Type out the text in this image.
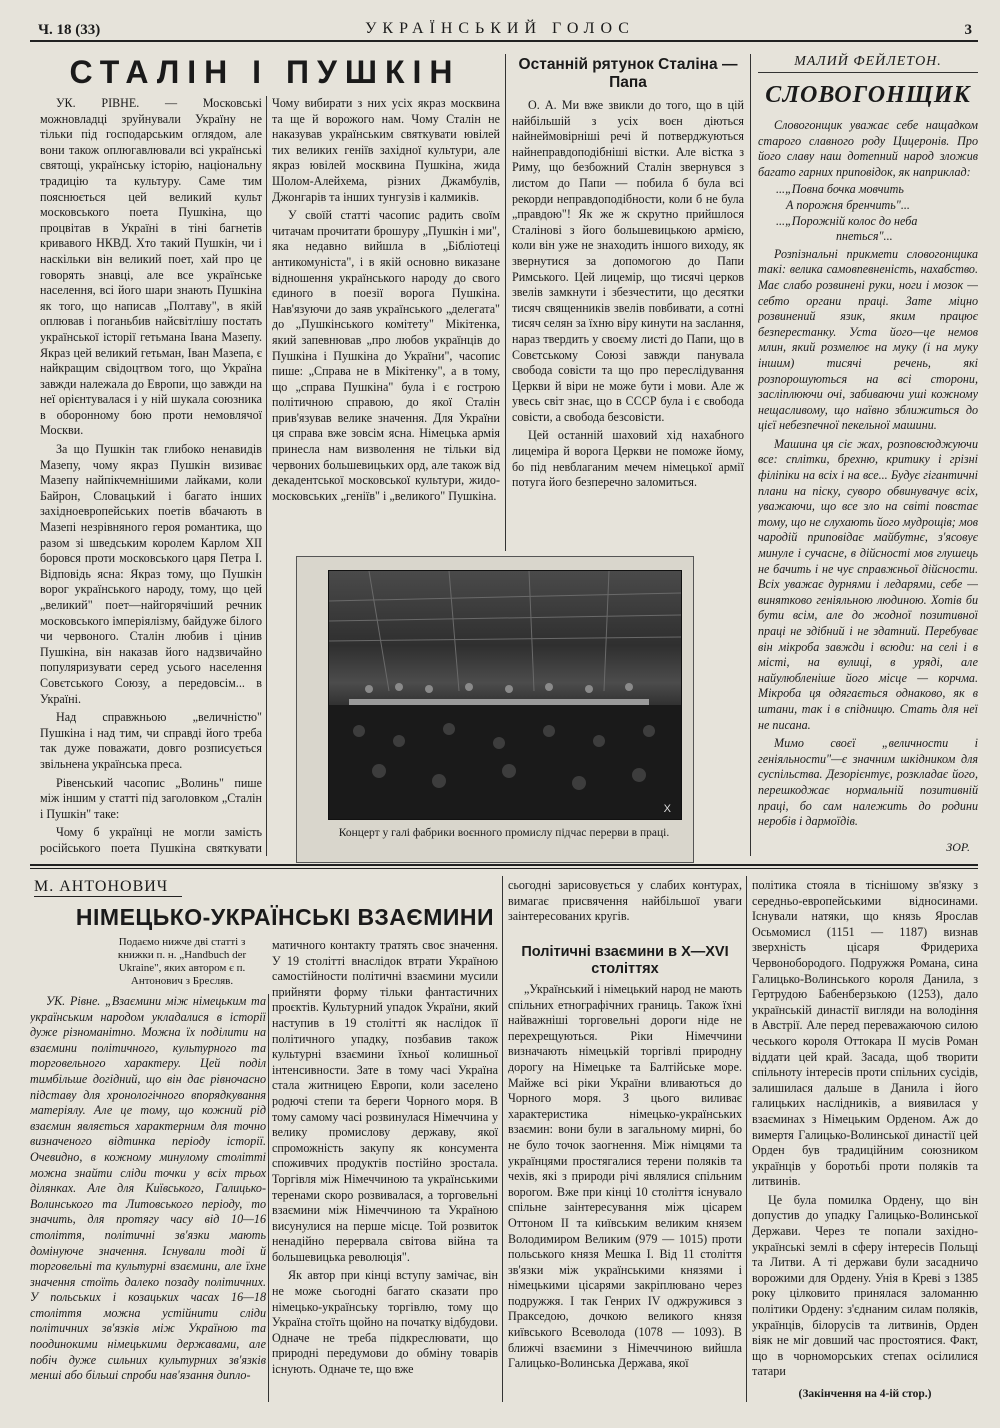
Ч. 18 (33)	УКРАЇНСЬКИЙ ГОЛОС	3
СТАЛІН І ПУШКІН

УК. РІВНЕ. — Московські можновладці зруйнували Україну не тільки під господарським оглядом, але вони також оплюгавлювали всі українські святощі, українську історію, національну традицію та культуру. Саме тим пояснюється цей великий культ московського поета Пушкіна, що процвітав в Україні в тіні багнетів кривавого НКВД. Хто такий Пушкін, чи і наскільки він великий поет, хай про це говорять знавці, але все українське населення, всі його шари знають Пушкіна як того, що написав „Полтаву", в якій оплював і поганьбив найсвітлішу постать української історії гетьмана Івана Мазепу. Якраз цей великий гетьман, Іван Мазепа, є найкращим свідоцтвом того, що Україна завжди належала до Европи, що завжди на неї орієнтувалася і у ній шукала союзника в оборонному бою проти немовлячої Москви.

За що Пушкін так глибоко ненавидів Мазепу, чому якраз Пушкін визиває Мазепу найпікчемнішими лайками, коли Байрон, Словацький і багато інших західноевропейських поетів вбачають в Мазепі незрівняного героя романтика, що разом зі шведським королем Карлом XII боровся проти московського царя Петра І. Відповідь ясна: Якраз тому, що Пушкін ворог українського народу, тому, що цей „великий" поет—найгорячіший речник московського імперіялізму, байдуже білого чи червоного. Сталін любив і цінив Пушкіна, він наказав його надзвичайно популяризувати серед усього населення Совєтського Союзу, а передовсім... в Україні.

Над справжньою „величністю" Пушкіна і над тим, чи справді його треба так дуже поважати, довго розписується звільнена українська преса.

Рівенський часопис „Волинь" пише між іншим у статті під заголовком „Сталін і Пушкін" таке:

Чому б українці не могли замість російського поета Пушкіна святкувати

Чому вибирати з них усіх якраз москвина та ще й ворожого нам. Чому Сталін не наказував українським святкувати ювілей тих великих геніїв західної культури, але якраз ювілей москвина Пушкіна, жида Шолом-Алейхема, різних Джамбулів, Джонгарів та інших тунгузів і калмиків.

У своїй статті часопис радить своїм читачам прочитати брошуру „Пушкін і ми", яка недавно вийшла в „Бібліотеці антикомуніста", і в якій основно виказане відношення українського народу до свого єдиного в поезії ворога Пушкіна. Нав'язуючи до заяв українського „делегата" до „Пушкінського комітету" Мікітенка, який запевнював „про любов українців до Пушкіна і Пушкіна до України", часопис пише: „Справа не в Мікітенку", а в тому, що „справа Пушкіна" була і є гострою політичною справою, до якої Сталін прив'язував велике значення. Для України ця справа вже зовсім ясна. Німецька армія принесла нам визволення не тільки від червоних большевицьких орд, але також від декадентської московської культури, жидо-московських „геніїв" і „великого" Пушкіна.

Останній рятунок Сталіна — Папа

О. А. Ми вже звикли до того, що в цій найбільшій з усіх воєн діються найнеймовірніші речі й потверджуються найнеправдоподібніші вістки. Але вістка з Риму, що безбожний Сталін звернувся з листом до Папи — побила б була всі рекорди неправдоподібности, коли б не була „правдою"! Як же ж скрутно прийшлося Сталінові з його большевицькою армією, коли він уже не знаходить іншого виходу, як звернутися за допомогою до Папи Римського. Цей лицемір, що тисячі церков звелів замкнути і збезчестити, що десятки тисяч священників звелів повбивати, а сотні тисяч селян за їхню віру кинути на заслання, нараз твердить у своєму листі до Папи, що в Совєтському Союзі завжди панувала свобода совісти та що про переслідування Церкви й віри не може бути і мови. Але ж увесь світ знає, що в СССР була і є свобода совісти, а свобода безсовісти.

Цей останній шаховий хід нахабного лицеміра й ворога Церкви не поможе йому, бо під невблаганим мечем німецької армії потуга його безперечно заломиться.

МАЛИЙ ФЕЙЛЕТОН.
СЛОВОГОНЩИК

Словогонщик уважає себе нащадком старого славного роду Цицеронів. Про його славу наш дотепний народ зложив багато гарних приповідок, як наприклад:

...„Повна бочка мовчить
А порожня бренчить"...
...„Порожній колос до неба
пнеться"...

Розпізнальні прикмети словогонщика такі: велика самовпевненість, нахабство. Має слабо розвинені руки, ноги і мозок — себто органи праці. Зате міцно розвинений язик, яким працює безперестанку. Уста його—це немов млин, який розмелює на муку (і на муку іншим) тисячі речень, які розпорошуються на всі сторони, засліплюючи очі, забиваючи уші кожному нещасливому, що наївно зближиться до цієї небезпечної пекельної машини.

Машина ця сіє жах, розповсюджуючи все: сплітки, брехню, критику і грізні філіпіки на всіх і на все... Будує гігантичні плани на піску, суворо обвинувачує всіх, уважаючи, що все зло на світі повстає тому, що не слухають його мудрощів; мов чародій приповідає майбутнє, з'ясовує минуле і сучасне, в дійсності мов глушець не бачить і не чує справжньої дійсности. Всіх уважає дурнями і ледарями, себе — винятково геніяльною людиною. Хотів би бути всім, але до жодної позитивної праці не здібний і не здатний. Перебуває він мікроба завжди і всюди: на селі і в місті, на вулиці, в уряді, але найулюбленіше його місце — корчма. Мікроба ця одягається однаково, як в штани, так і в спідницю. Стать для неї не писана.

Мимо своєї „величности і геніяльности"—є значним шкідником для суспільства. Дезорієнтує, розкладає його, перешкоджає нормальній позитивній праці, бо сам належить до родини неробів і дармоїдів.

ЗОР.
X
Концерт у галі фабрики воєнного промислу підчас перерви в праці.
М. АНТОНОВИЧ
НІМЕЦЬКО-УКРАЇНСЬКІ ВЗАЄМИНИ
Подаємо нижче дві статті з книжки п. н. „Handbuch der Ukraine", яких автором є п. Антонович з Бресляв.

УК. Рівне. „Взаємини між німецьким та українським народом укладалися в історії дуже різноманітно. Можна їх поділити на взаємини політичного, культурного та торговельного характеру. Цей поділ тимбільше догідний, що він дає рівночасно підставу для хронологічного впорядкування матеріялу. Але це тому, що кожний рід взаємин являється характерним для точно визначеного відтинка періоду історії. Очевидно, в кожному минулому столітті можна знайти сліди точки у всіх трьох ділянках. Але для Київського, Галицько-Волинського та Литовського періоду, то значить, для протягу часу від 10—16 століття, політичні зв'язки мають домінуюче значення. Існували тоді й торговельні та культурні взаємини, але їхне значення стоїть далеко позаду політичних. У польських і козацьких часах 16—18 століття можна устійнити сліди політичних зв'язків між Україною та поодинокими німецькими державами, але побіч дуже сильних культурних зв'язків менші або більші спроби нав'язання дипло-

матичного контакту тратять своє значення. У 19 столітті внаслідок втрати Україною самостійности політичні взаємини мусили прийняти форму тільки фантастичних проєктів. Культурний упадок України, який наступив в 19 столітті як наслідок її політичного упадку, позбавив також культурні взаємини їхньої колишньої інтенсивности. Зате в тому часі Україна стала житницею Европи, коли заселено родючі степи та береги Чорного моря. В тому самому часі розвинулася Німеччина у велику промислову державу, якої спроможність закупу як консумента споживчих продуктів постійно зростала. Торгівля між Німеччиною та українськими теренами скоро розвивалася, а торговельні взаємини між Німеччиною та Україною висунулися на перше місце. Той розвиток ненадійно перервала світова війна та большевицька революція".

Як автор при кінці вступу замічає, він не може сьогодні багато сказати про німецько-українську торгівлю, тому що Україна стоїть щойно на початку відбудови. Одначе не треба підкреслювати, що природні передумови до обміну товарів існують. Одначе те, що вже

сьогодні зарисовується у слабих контурах, вимагає присвячення найбільшої уваги заінтересованих кругів.

Політичні взаємини в X—XVI століттях

„Український і німецький народ не мають спільних етнографічних границь. Також їхні найважніші торговельні дороги ніде не перехрещуються. Ріки Німеччини визначають німецькій торгівлі природну дорогу на Німецьке та Балтійське море. Майже всі ріки України вливаються до Чорного моря. З цього виливає характеристика німецько-українських взаємин: вони були в загальному мирні, бо не було точок заогнення. Між німцями та українцями простягалися терени поляків та чехів, які з природи річі являлися спільним ворогом. Вже при кінці 10 століття існувало спільне заінтересування між цісарем Оттоном II та київським великим князем Володимиром Великим (979 — 1015) проти польського князя Мешка I. Від 11 століття зв'язки між українськими князями і німецькими цісарями закріплювано через подружжя. І так Генрих IV оджружився з Пракседою, дочкою великого князя київського Всеволода (1078 — 1093). В ближчі взаємини з Німеччиною вийшла Галицько-Волинська Держава, якої

політика стояла в тіснішому зв'язку з середньо-европейськими відносинами. Існували натяки, що князь Ярослав Осьмомисл (1151 — 1187) визнав зверхність цісаря Фридериха Червонобородого. Подружжя Романа, сина Галицько-Волинського короля Данила, з Гертрудою Бабенберзькою (1253), дало українській династії вигляди на володіння в Австрії. Але перед переважаючою силою чеського короля Оттокара II мусів Роман віддати цей край. Засада, щоб творити спільноту інтересів проти спільних сусідів, залишилася дальше в Данила і його галицьких наслідників, а виявилася у взаєминах з Німецьким Орденом. Аж до вимертя Галицько-Волинської династії цей Орден був традиційним союзником українців у боротьбі проти поляків та литвинів.

Це була помилка Ордену, що він допустив до упадку Галицько-Волинської Держави. Через те попали західно-українські землі в сферу інтересів Польщі та Литви. А ті держави були засадничо ворожими для Ордену. Унія в Креві з 1385 року цілковито принялася заломанню політики Ордену: з'єднаним силам поляків, українців, білорусів та литвинів, Орден віяк не міг довший час простоятися. Факт, що в чорноморських степах осілилися татари

(Закінчення на 4-ій стор.)
